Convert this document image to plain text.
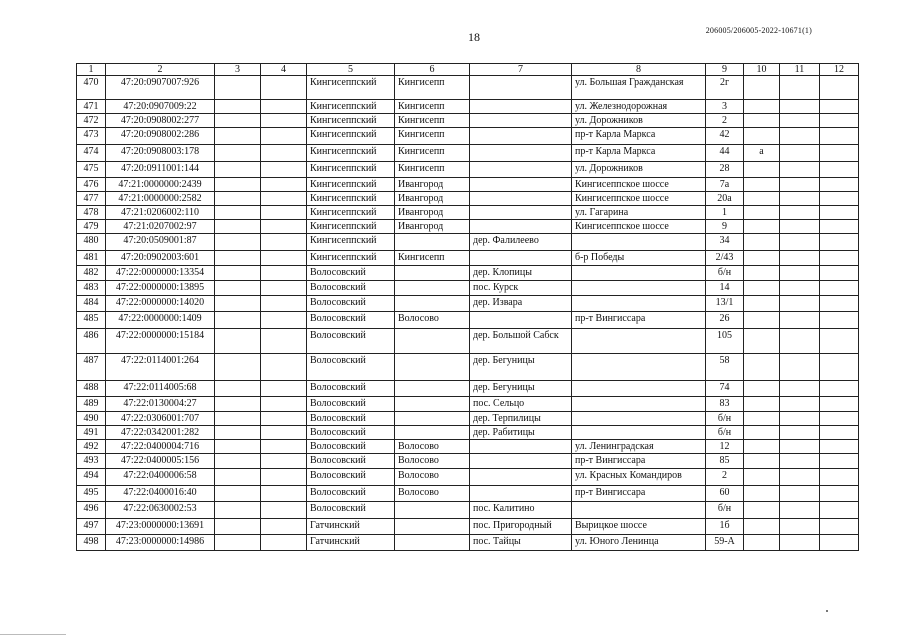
206005/206005-2022-10671(1)
18
1	2	3	4	5	6	7	8	9	10	11	12
470	47:20:0907007:926			Кингисеппский	Кингисепп		ул. Большая Гражданская	2г			
471	47:20:0907009:22			Кингисеппский	Кингисепп		ул. Железнодорожная	3			
472	47:20:0908002:277			Кингисеппский	Кингисепп		ул. Дорожников	2			
473	47:20:0908002:286			Кингисеппский	Кингисепп		пр-т Карла Маркса	42			
474	47:20:0908003:178			Кингисеппский	Кингисепп		пр-т Карла Маркса	44	а		
475	47:20:0911001:144			Кингисеппский	Кингисепп		ул. Дорожников	28			
476	47:21:0000000:2439			Кингисеппский	Ивангород		Кингисеппское шоссе	7а			
477	47:21:0000000:2582			Кингисеппский	Ивангород		Кингисеппское шоссе	20а			
478	47:21:0206002:110			Кингисеппский	Ивангород		ул. Гагарина	1			
479	47:21:0207002:97			Кингисеппский	Ивангород		Кингисеппское шоссе	9			
480	47:20:0509001:87			Кингисеппский		дер. Фалилеево		34			
481	47:20:0902003:601			Кингисеппский	Кингисепп		б-р Победы	2/43			
482	47:22:0000000:13354			Волосовский		дер. Клопицы		б/н			
483	47:22:0000000:13895			Волосовский		пос. Курск		14			
484	47:22:0000000:14020			Волосовский		дер. Извара		13/1			
485	47:22:0000000:1409			Волосовский	Волосово		пр-т Вингиссара	26			
486	47:22:0000000:15184			Волосовский		дер. Большой Сабск		105			
487	47:22:0114001:264			Волосовский		дер. Бегуницы		58			
488	47:22:0114005:68			Волосовский		дер. Бегуницы		74			
489	47:22:0130004:27			Волосовский		пос. Сельцо		83			
490	47:22:0306001:707			Волосовский		дер. Терпилицы		б/н			
491	47:22:0342001:282			Волосовский		дер. Рабитицы		б/н			
492	47:22:0400004:716			Волосовский	Волосово		ул. Ленинградская	12			
493	47:22:0400005:156			Волосовский	Волосово		пр-т Вингиссара	85			
494	47:22:0400006:58			Волосовский	Волосово		ул. Красных Командиров	2			
495	47:22:0400016:40			Волосовский	Волосово		пр-т Вингиссара	60			
496	47:22:0630002:53			Волосовский		пос. Калитино		б/н			
497	47:23:0000000:13691			Гатчинский		пос. Пригородный	Вырицкое шоссе	1б			
498	47:23:0000000:14986			Гатчинский		пос. Тайцы	ул. Юного Ленинца	59-А			
